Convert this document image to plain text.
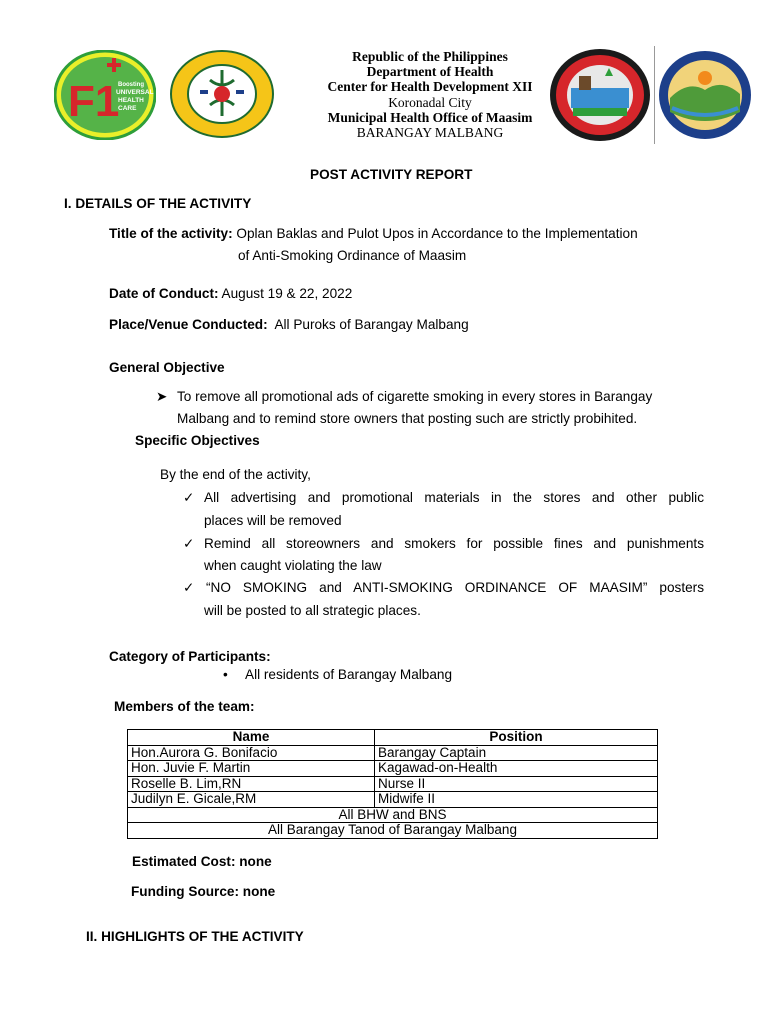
F1
Boosting
UNIVERSAL
HEALTH
CARE
Republic of the Philippines
Department of Health
Center for Health Development XII
Koronadal City
Municipal Health Office of Maasim
BARANGAY MALBANG
POST ACTIVITY REPORT
I. DETAILS OF THE ACTIVITY
Title of the activity: Oplan Baklas and Pulot Upos in Accordance to the Implementation
of Anti-Smoking Ordinance of Maasim
Date of Conduct: August 19 & 22, 2022
Place/Venue Conducted: All Puroks of Barangay Malbang
General Objective
➤ To remove all promotional ads of cigarette smoking in every stores in Barangay
Malbang and to remind store owners that posting such are strictly probihited.
Specific Objectives
By the end of the activity,
✓ All advertising and promotional materials in the stores and other public
places will be removed
✓ Remind all storeowners and smokers for possible fines and punishments
when caught violating the law
✓ “NO SMOKING and ANTI-SMOKING ORDINANCE OF MAASIM” posters
will be posted to all strategic places.
Category of Participants:
• All residents of Barangay Malbang
Members of the team:
Name	Position
Hon.Aurora G. Bonifacio	Barangay Captain
Hon. Juvie F. Martin	Kagawad-on-Health
Roselle B. Lim,RN	Nurse II
Judilyn E. Gicale,RM	Midwife II
All BHW and BNS	
All Barangay Tanod of Barangay Malbang	
Estimated Cost: none
Funding Source: none
II. HIGHLIGHTS OF THE ACTIVITY
